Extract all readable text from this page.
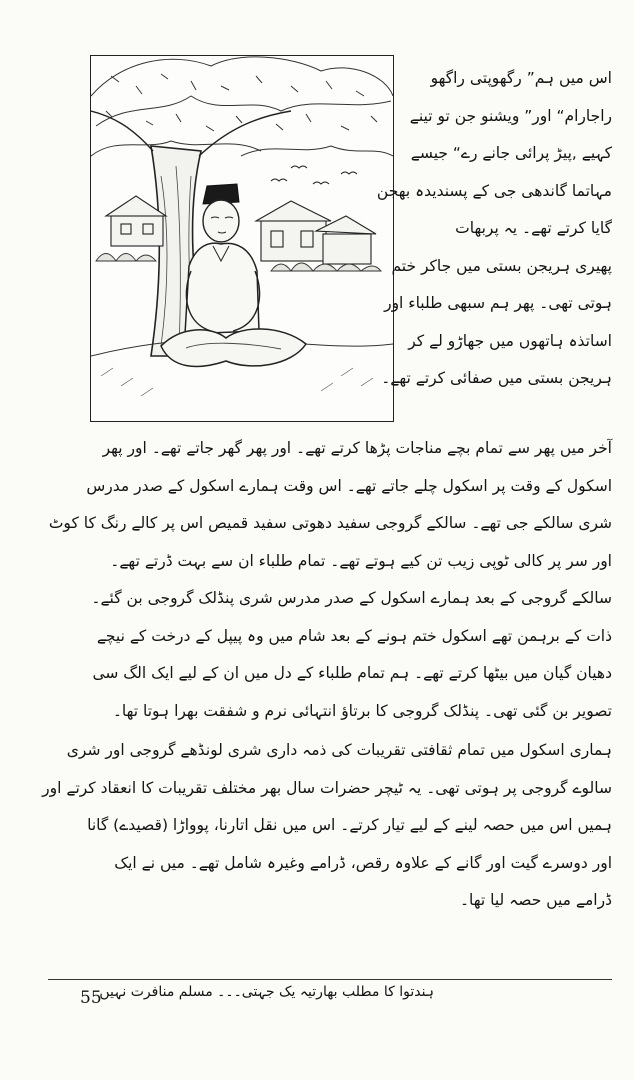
اس میں ہم” رگھوپتی راگھو
راجارام“ اور” ویشنو جن تو تینے
کہیے ,پیڑ پرائی جانے رے“ جیسے
مہاتما گاندھی جی کے پسندیدہ بھجن
گایا کرتے تھے۔ یہ پربھات
پھیری ہریجن بستی میں جاکر ختم
ہوتی تھی۔ پھر ہم سبھی طلباء اور
اساتذہ ہاتھوں میں جھاڑو لے کر
ہریجن بستی میں صفائی کرتے تھے۔
آخر میں پھر سے تمام بچے مناجات پڑھا کرتے تھے۔ اور پھر گھر جاتے تھے۔ اور پھر
اسکول کے وقت پر اسکول چلے جاتے تھے۔ اس وقت ہمارے اسکول کے صدر مدرس
شری سالکے جی تھے۔ سالکے گروجی سفید دھوتی سفید قمیص اس پر کالے رنگ کا کوٹ
اور سر پر کالی ٹوپی زیب تن کیے ہوتے تھے۔ تمام طلباء ان سے بہت ڈرتے تھے۔
سالکے گروجی کے بعد ہمارے اسکول کے صدر مدرس شری پنڈلک گروجی بن گئے۔
ذات کے برہمن تھے اسکول ختم ہونے کے بعد شام میں وہ پیپل کے درخت کے نیچے
دھیان گیان میں بیٹھا کرتے تھے۔ ہم تمام طلباء کے دل میں ان کے لیے ایک الگ سی
تصویر بن گئی تھی۔ پنڈلک گروجی کا برتاؤ انتہائی نرم و شفقت بھرا ہوتا تھا۔
ہماری اسکول میں تمام ثقافتی تقریبات کی ذمہ داری شری لونڈھے گروجی اور شری
سالوے گروجی پر ہوتی تھی۔ یہ ٹیچر حضرات سال بھر مختلف تقریبات کا انعقاد کرتے اور
ہمیں اس میں حصہ لینے کے لیے تیار کرتے۔ اس میں نقل اتارنا، پوواڑا (قصیدے) گانا
اور دوسرے گیت اور گانے کے علاوہ رقص، ڈرامے وغیرہ شامل تھے۔ میں نے ایک
ڈرامے میں حصہ لیا تھا۔
ہندتوا کا مطلب بھارتیہ یک جہتی۔۔۔ مسلم منافرت نہیں
55
